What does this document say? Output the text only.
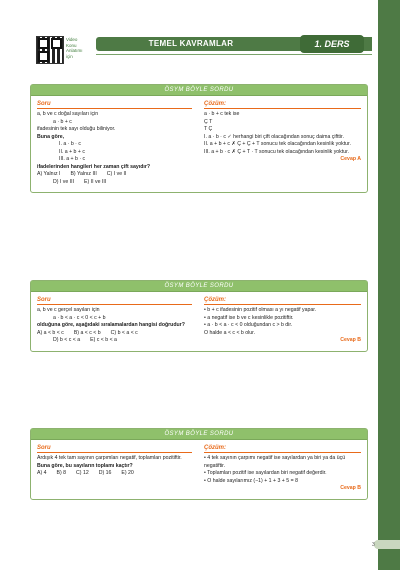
Video
Konu
Anlatımı
için
TEMEL KAVRAMLAR	1. DERS
ÖSYM BÖYLE SORDU
Soru
a, b ve c doğal sayıları için
a · b + c
ifadesinin tek sayı olduğu biliniyor.
Buna göre,
I. a · b · c
II. a + b + c
III. a + b · c
ifadelerinden hangileri her zaman çift sayıdır?
A) Yalnız I B) Yalnız III C) I ve II
D) I ve III E) II ve III
Çözüm:
a · b + c tek ise
Ç T
T Ç
I. a · b · c ✓ herhangi biri çift olacağından sonuç daima çifttir.
II. a + b + c ✗ Ç + Ç + T sonucu tek olacağından kesinlik yoktur.
III. a + b · c ✗ Ç + T · T sonucu tek olacağından kesinlik yoktur.
Cevap A
ÖSYM BÖYLE SORDU
Soru
a, b ve c gerçel sayıları için
a · b < a · c < 0 < c + b
olduğuna göre, aşağıdaki sıralamalardan hangisi doğrudur?
A) a < b < c B) a < c < b C) b < a < c
D) b < c < a E) c < b < a
Çözüm:
• b + c ifadesinin pozitif olması a yı negatif yapar.
• a negatif ise b ve c kesinlikle pozitiftir.
• a · b < a · c < 0 olduğundan c > b dir.
O halde a < c < b olur.
Cevap B
ÖSYM BÖYLE SORDU
Soru
Ardışık 4 tek tam sayının çarpımları negatif, toplamları pozitiftir.
Buna göre, bu sayıların toplamı kaçtır?
A) 4 B) 8 C) 12 D) 16 E) 20
Çözüm:
• 4 tek sayının çarpımı negatif ise sayılardan ya biri ya da üçü negatiftir.
• Toplamları pozitif ise sayılardan biri negatif değerdir.
• O halde sayılarımız (−1) + 1 + 3 + 5 = 8
Cevap B
3
